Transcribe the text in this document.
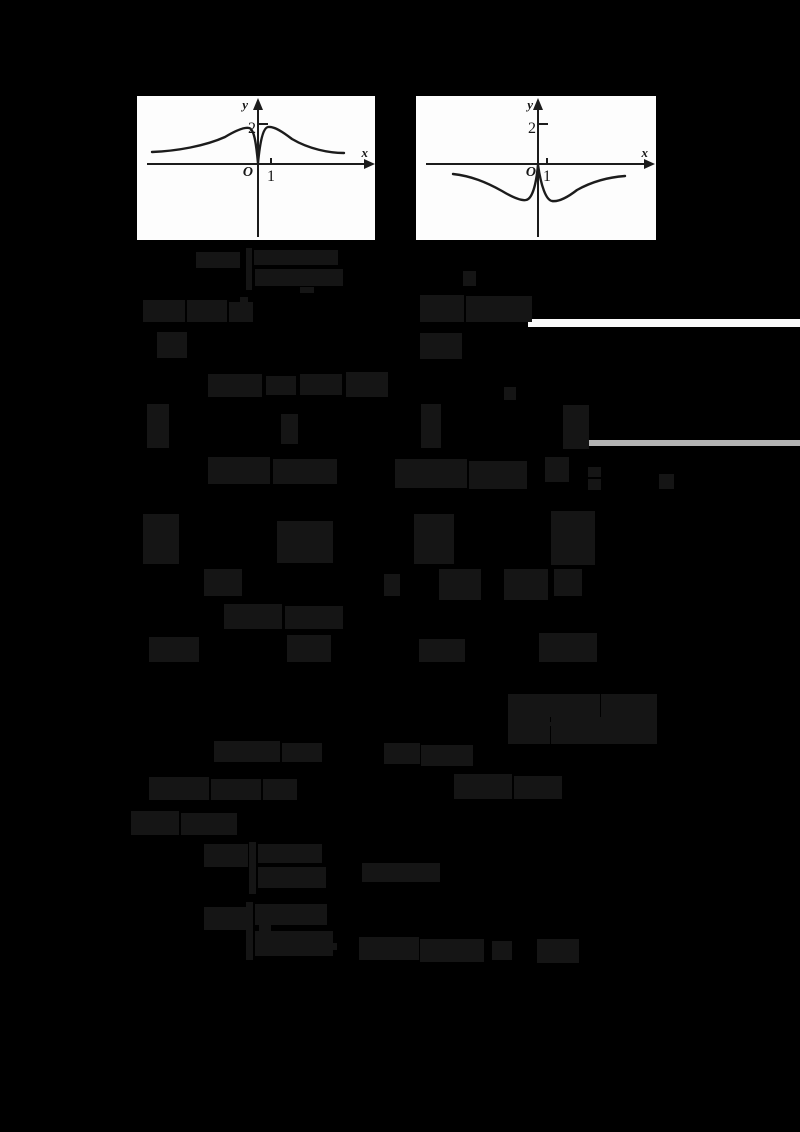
y
x
O
2
1
y
x
O
2
1
